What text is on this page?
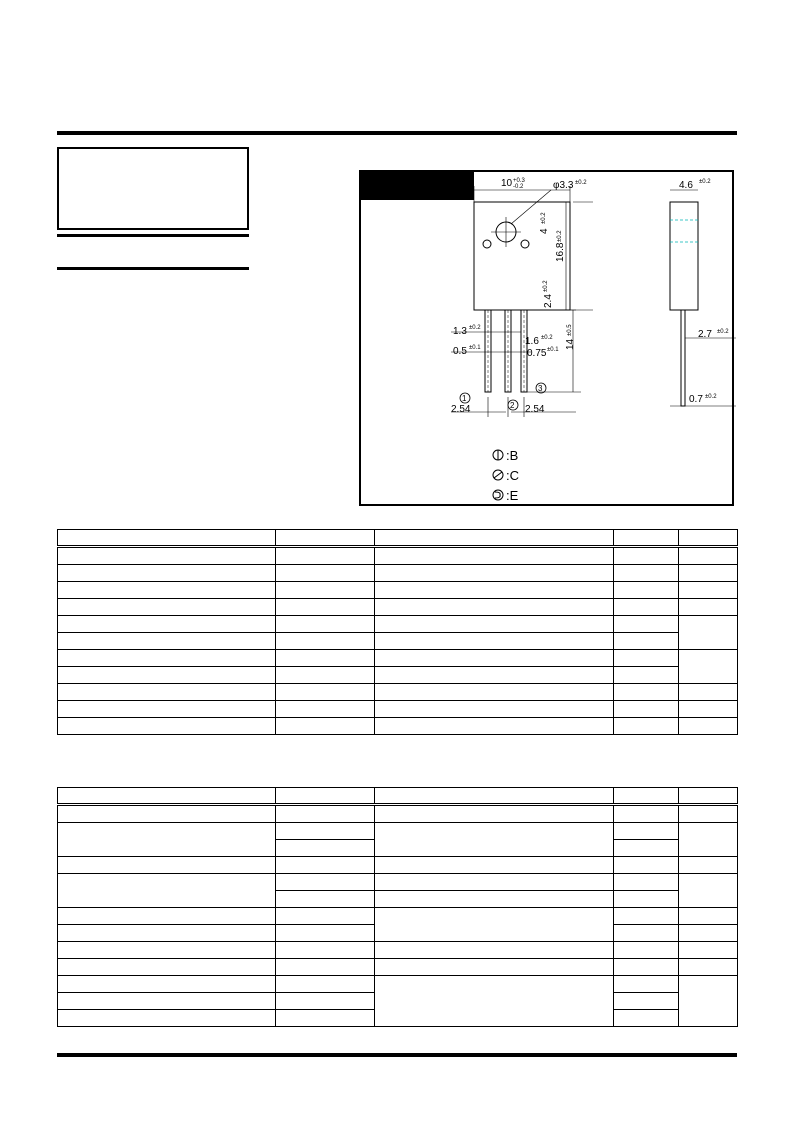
10 +0.3
-0.2	φ3.3 ±0.2
4
±0.2
16.8
±0.2
2.4
±0.2
14
±0.5
1.3 ±0.2
1.6 ±0.2
0.5 ±0.1	0.75 ±0.1
2.54	2.54
4.6 ±0.2
2.7 ±0.2
0.7 ±0.2
1
2
3
:B
:C
:E
